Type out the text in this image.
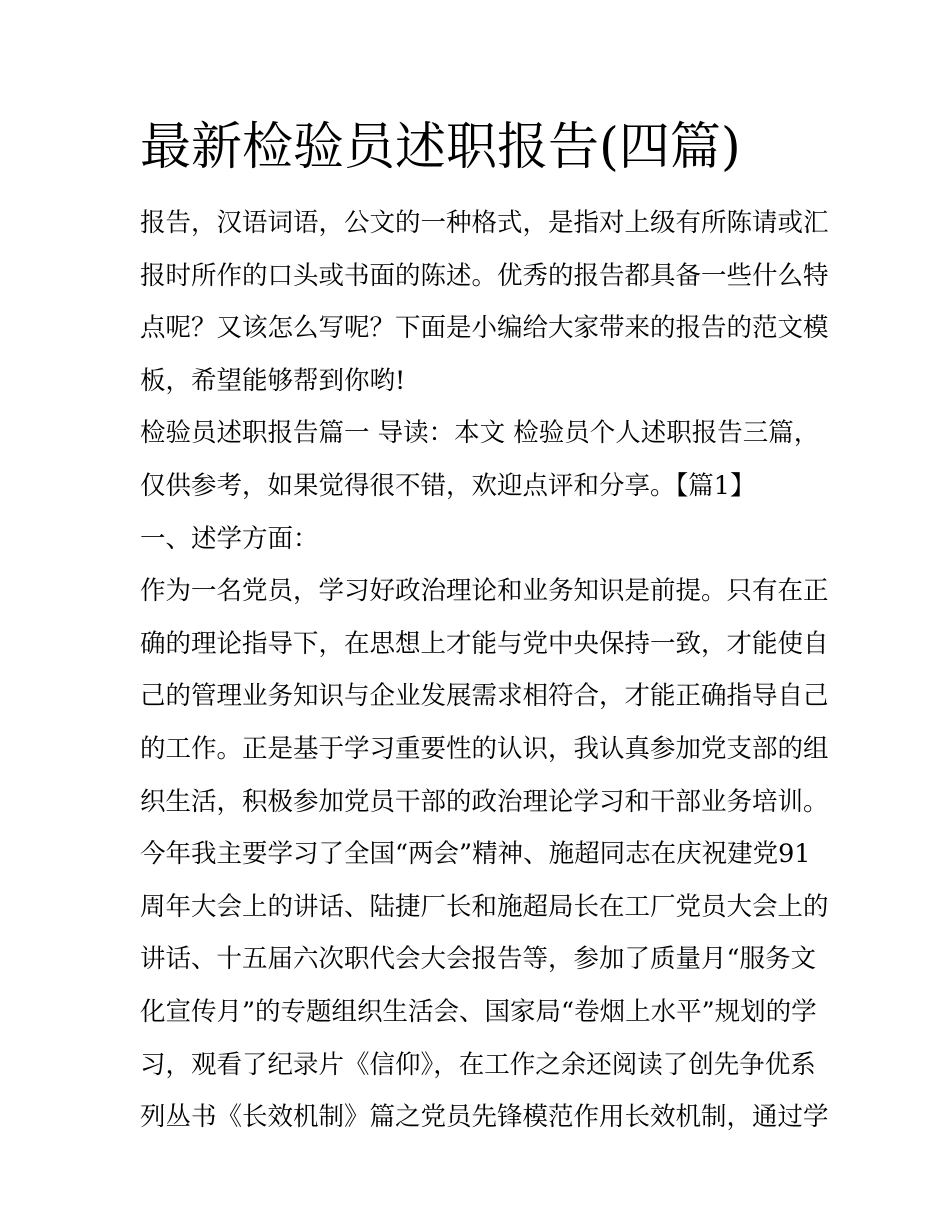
最新检验员述职报告(四篇)

报告，汉语词语，公文的一种格式，是指对上级有所陈请或汇

报时所作的口头或书面的陈述。优秀的报告都具备一些什么特

点呢？又该怎么写呢？下面是小编给大家带来的报告的范文模

板，希望能够帮到你哟!

检验员述职报告篇一 导读：本文 检验员个人述职报告三篇，

仅供参考，如果觉得很不错，欢迎点评和分享。【篇1】

一、述学方面：

作为一名党员，学习好政治理论和业务知识是前提。只有在正

确的理论指导下，在思想上才能与党中央保持一致，才能使自

己的管理业务知识与企业发展需求相符合，才能正确指导自己

的工作。正是基于学习重要性的认识，我认真参加党支部的组

织生活，积极参加党员干部的政治理论学习和干部业务培训。

今年我主要学习了全国“两会”精神、施超同志在庆祝建党91

周年大会上的讲话、陆捷厂长和施超局长在工厂党员大会上的

讲话、十五届六次职代会大会报告等，参加了质量月“服务文

化宣传月”的专题组织生活会、国家局“卷烟上水平”规划的学

习，观看了纪录片《信仰》，在工作之余还阅读了创先争优系

列丛书《长效机制》篇之党员先锋模范作用长效机制，通过学
